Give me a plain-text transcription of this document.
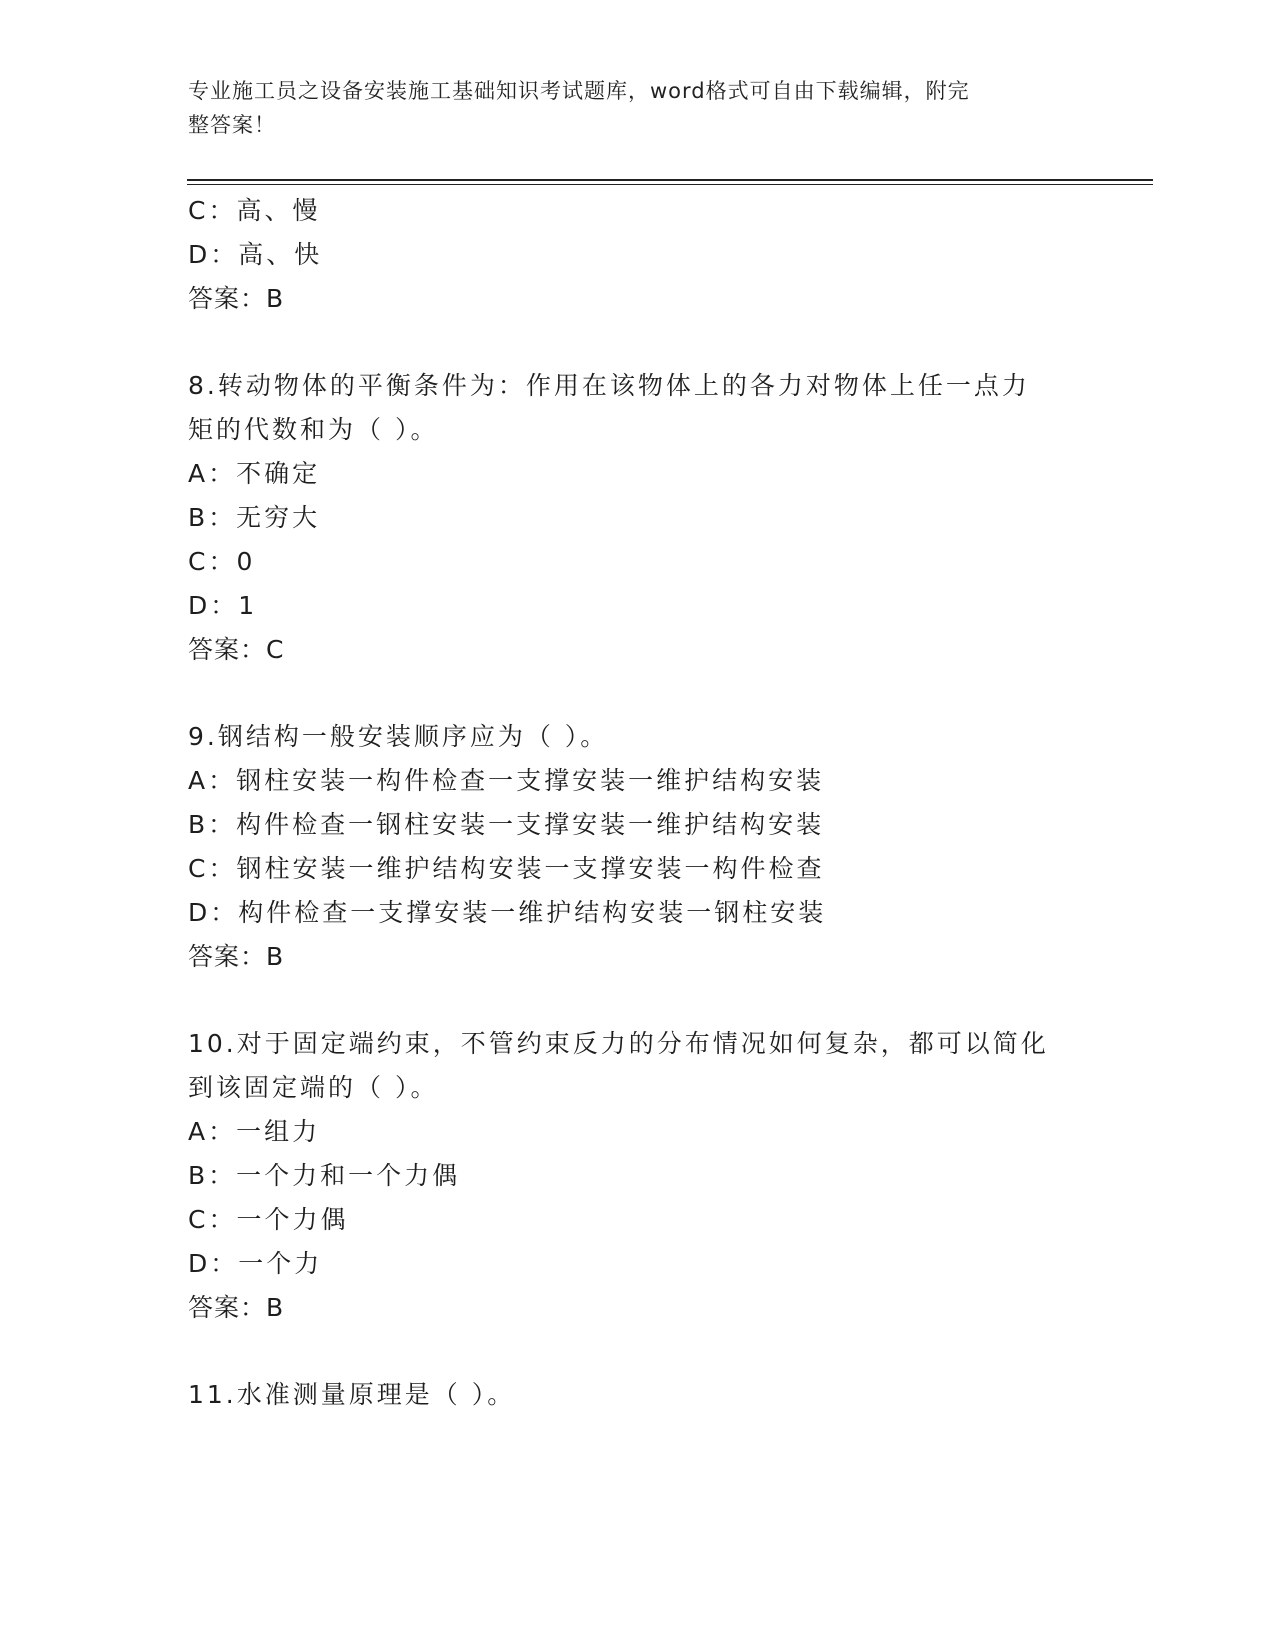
专业施工员之设备安装施工基础知识考试题库，word格式可自由下载编辑，附完
整答案！
C：高、慢
D：高、快
答案：B
8.转动物体的平衡条件为：作用在该物体上的各力对物体上任一点力
矩的代数和为（ ）。
A：不确定
B：无穷大
C：0
D：1
答案：C
9.钢结构一般安装顺序应为（ ）。
A：钢柱安装一构件检查一支撑安装一维护结构安装
B：构件检查一钢柱安装一支撑安装一维护结构安装
C：钢柱安装一维护结构安装一支撑安装一构件检查
D：构件检查一支撑安装一维护结构安装一钢柱安装
答案：B
10.对于固定端约束，不管约束反力的分布情况如何复杂，都可以简化
到该固定端的（ ）。
A：一组力
B：一个力和一个力偶
C：一个力偶
D：一个力
答案：B
11.水准测量原理是（ ）。
